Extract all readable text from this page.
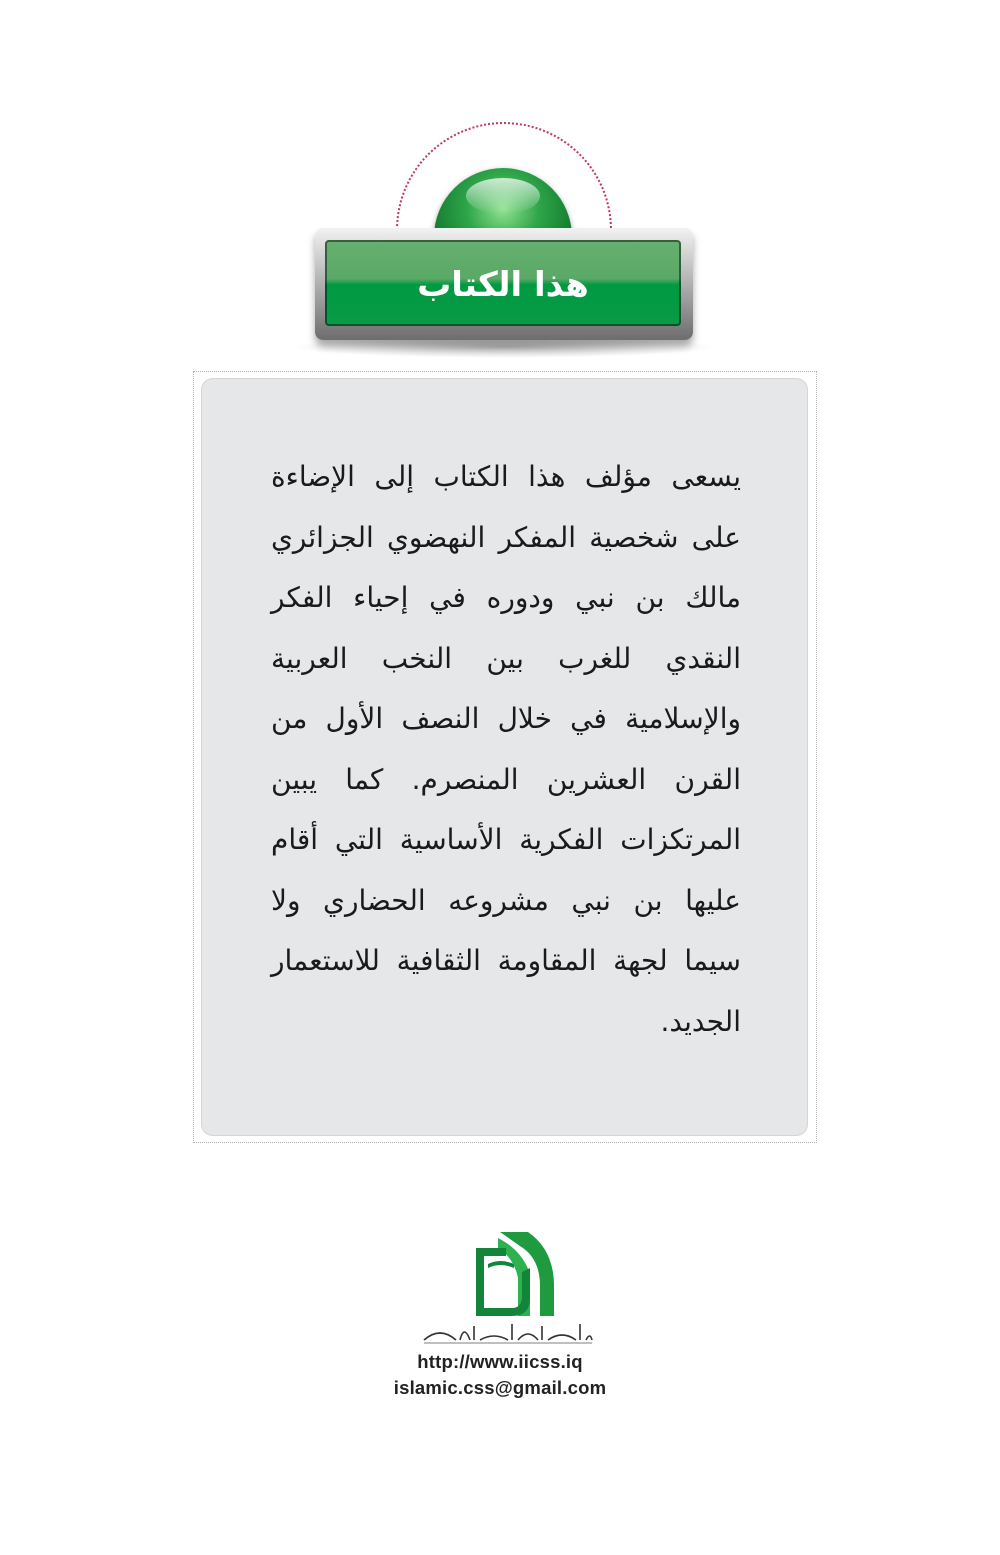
هذا الكتاب
يسعى مؤلف هذا الكتاب إلى الإضاءة
على شخصية المفكر النهضوي الجزائري
مالك بن نبي ودوره في إحياء الفكر
النقدي للغرب بين النخب العربية
والإسلامية في خلال النصف الأول من
القرن العشرين المنصرم. كما يبين
المرتكزات الفكرية الأساسية التي أقام
عليها بن نبي مشروعه الحضاري ولا
سيما لجهة المقاومة الثقافية للاستعمار
الجديد.
المركز الإسلامي للدراسات الاستراتيجية
http://www.iicss.iq
islamic.css@gmail.com
